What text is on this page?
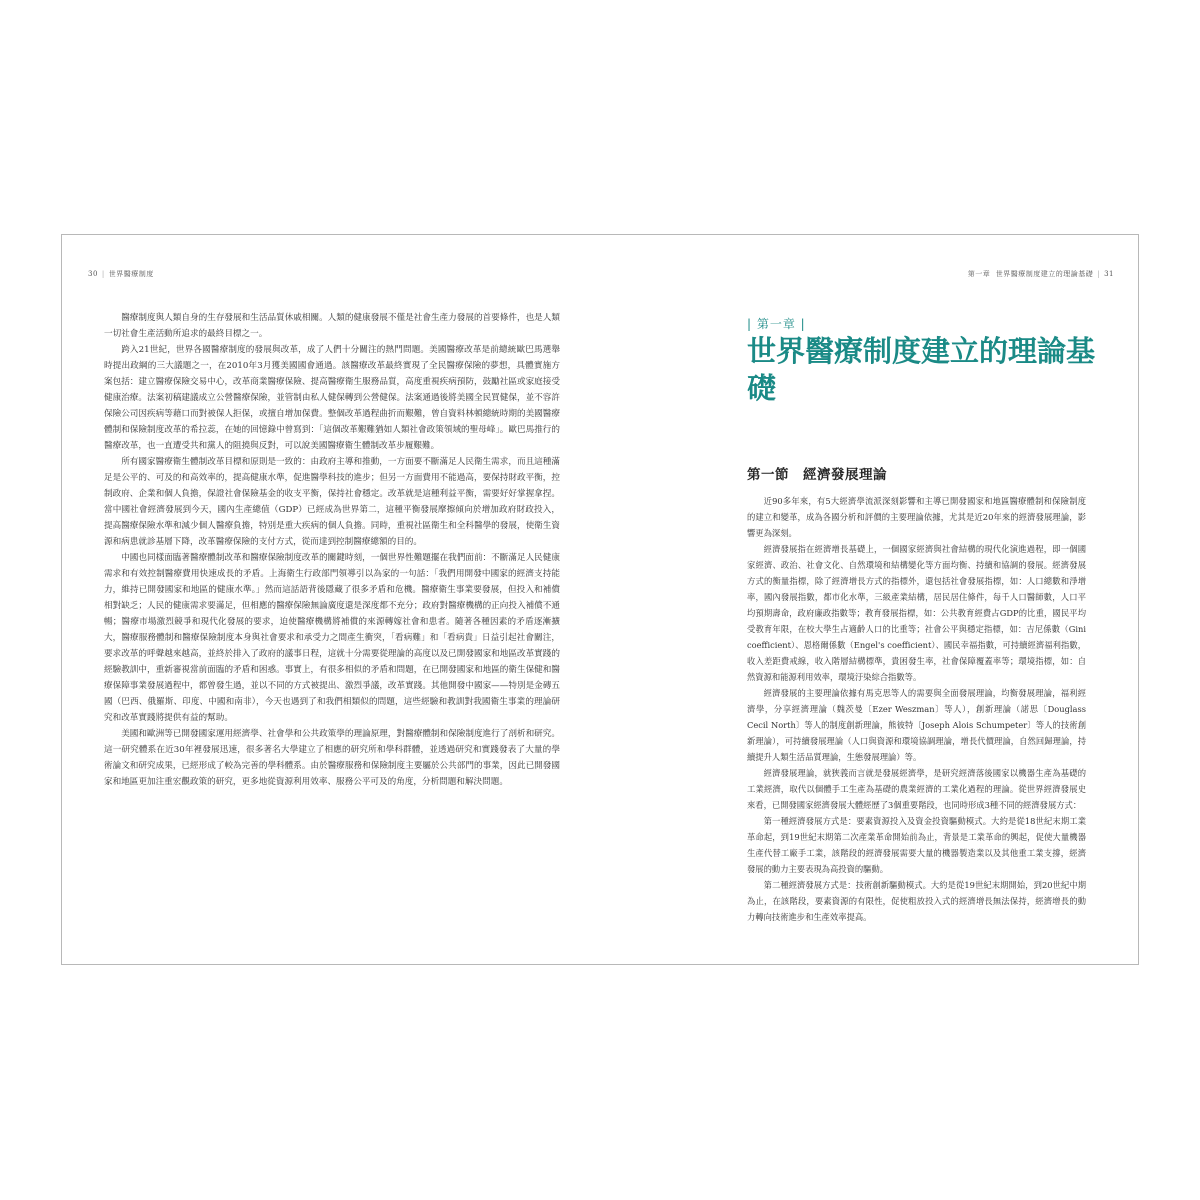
30 | 世界醫療制度

醫療制度與人類自身的生存發展和生活品質休戚相關。人類的健康發展不僅是社會生產力發展的首要條件，也是人類一切社會生產活動所追求的最終目標之一。

跨入21世紀，世界各國醫療制度的發展與改革，成了人們十分關注的熱門問題。美國醫療改革是前總統歐巴馬選舉時提出政綱的三大議題之一，在2010年3月獲美國國會通過。該醫療改革最終實現了全民醫療保險的夢想，具體實施方案包括：建立醫療保險交易中心，改革商業醫療保險、提高醫療衛生服務品質，高度重視疾病預防，鼓勵社區或家庭接受健康治療。法案初稿建議成立公營醫療保險，並管制由私人健保轉到公營健保。法案通過後將美國全民買健保，並不容許保險公司因疾病等藉口而對被保人拒保，或擅自增加保費。整個改革過程曲折而艱難，曾自資料林頓總統時期的美國醫療體制和保險制度改革的希拉蕊，在她的回憶錄中曾寫到：「這個改革艱難猶如人類社會政策領域的聖母峰」。歐巴馬推行的醫療改革，也一直遭受共和黨人的阻撓與反對，可以說美國醫療衛生體制改革步履艱難。

所有國家醫療衛生體制改革目標和原則是一致的：由政府主導和推動，一方面要不斷滿足人民衛生需求，而且這種滿足是公平的、可及的和高效率的，提高健康水準，促進醫學科技的進步；但另一方面費用不能過高，要保持財政平衡，控制政府、企業和個人負擔，保證社會保險基金的收支平衡，保持社會穩定。改革就是這種利益平衡，需要好好掌握拿捏。當中國社會經濟發展到今天，國內生產總值（GDP）已經成為世界第二，這種平衡發展摩擦傾向於增加政府財政投入，提高醫療保險水準和減少個人醫療負擔，特別是重大疾病的個人負擔。同時，重視社區衛生和全科醫學的發展，使衛生資源和病患就診基層下降，改革醫療保險的支付方式，從而達到控制醫療總額的目的。

中國也同樣面臨著醫療體制改革和醫療保險制度改革的關鍵時刻，一個世界性難題擺在我們面前：不斷滿足人民健康需求和有效控制醫療費用快速成長的矛盾。上海衛生行政部門領導引以為家的一句話：「我們用開發中國家的經濟支持能力，維持已開發國家和地區的健康水準。」然而這話語背後隱藏了很多矛盾和危機。醫療衛生事業要發展，但投入和補償相對缺乏；人民的健康需求要滿足，但相應的醫療保險無論廣度還是深度都不充分；政府對醫療機構的正向投入補償不通暢；醫療市場激烈競爭和現代化發展的要求，迫使醫療機構將補償的來源轉嫁社會和患者。隨著各種因素的矛盾逐漸擴大，醫療服務體制和醫療保險制度本身與社會要求和承受力之間產生衝突，「看病難」和「看病貴」日益引起社會關注，要求改革的呼聲越來越高，並終於排入了政府的議事日程，這就十分需要從理論的高度以及已開發國家和地區改革實踐的經驗教訓中，重新審視當前面臨的矛盾和困惑。事實上，有很多相似的矛盾和問題，在已開發國家和地區的衛生保健和醫療保障事業發展過程中，都曾發生過，並以不同的方式被提出、激烈爭議，改革實踐。其他開發中國家——特別是金磚五國（巴西、俄羅斯、印度、中國和南非），今天也遇到了和我們相類似的問題，這些經驗和教訓對我國衛生事業的理論研究和改革實踐將提供有益的幫助。

美國和歐洲等已開發國家運用經濟學、社會學和公共政策學的理論原理，對醫療體制和保險制度進行了剖析和研究。這一研究體系在近30年裡發展迅速，很多著名大學建立了相應的研究所和學科群體，並透過研究和實踐發表了大量的學術論文和研究成果，已經形成了較為完善的學科體系。由於醫療服務和保險制度主要屬於公共部門的事業，因此已開發國家和地區更加注重宏觀政策的研究，更多地從資源利用效率、服務公平可及的角度，分析問題和解決問題。

第一章 世界醫療制度建立的理論基礎 | 31
| 第一章 |
世界醫療制度建立的理論基礎
第一節　經濟發展理論

近90多年來，有5大經濟學流派深刻影響和主導已開發國家和地區醫療體制和保險制度的建立和變革，成為各國分析和評價的主要理論依據，尤其是近20年來的經濟發展理論，影響更為深刻。

經濟發展指在經濟增長基礎上，一個國家經濟與社會結構的現代化演進過程，即一個國家經濟、政治、社會文化、自然環境和結構變化等方面均衡、持續和協調的發展。經濟發展方式的衡量指標，除了經濟增長方式的指標外，還包括社會發展指標，如：人口總數和淨增率，國內發展指數，都市化水準，三級產業結構，居民居住條件，每千人口醫師數，人口平均預期壽命，政府廉政指數等；教育發展指標，如：公共教育經費占GDP的比重，國民平均受教育年限，在校大學生占適齡人口的比重等；社會公平與穩定指標，如：吉尼係數（Gini coefficient）、恩格爾係數（Engel's coefficient）、國民幸福指數，可持續經濟福利指數，收入差距費戒線，收入階層結構標準，貴困發生率，社會保障覆蓋率等；環境指標，如：自然資源和能源利用效率，環境汙染綜合指數等。

經濟發展的主要理論依據有馬克思等人的需要與全面發展理論，均衡發展理論，福利經濟學，分享經濟理論（魏茨曼〔Ezer Weszman〕等人），創新理論（諾思〔Douglass Cecil North〕等人的制度創新理論，熊彼特〔Joseph Alois Schumpeter〕等人的技術創新理論），可持續發展理論（人口與資源和環境協調理論，增長代價理論，自然回歸理論，持續提升人類生活品質理論，生態發展理論）等。

經濟發展理論，就狹義而言就是發展經濟學，是研究經濟落後國家以機器生產為基礎的工業經濟，取代以個體手工生產為基礎的農業經濟的工業化過程的理論。從世界經濟發展史來看，已開發國家經濟發展大體經歷了3個重要階段，也同時形成3種不同的經濟發展方式：

第一種經濟發展方式是：要素資源投入及資金投資驅動模式。大約是從18世紀末期工業革命起，到19世紀末期第二次產業革命開始前為止，背景是工業革命的興起，促使大量機器生產代替工廠手工業，該階段的經濟發展需要大量的機器製造業以及其他重工業支撐，經濟發展的動力主要表現為高投資的驅動。

第二種經濟發展方式是：技術創新驅動模式。大約是從19世紀末期開始，到20世紀中期為止，在該階段，要素資源的有限性，促使粗放投入式的經濟增長無法保持，經濟增長的動力轉向技術進步和生產效率提高。
